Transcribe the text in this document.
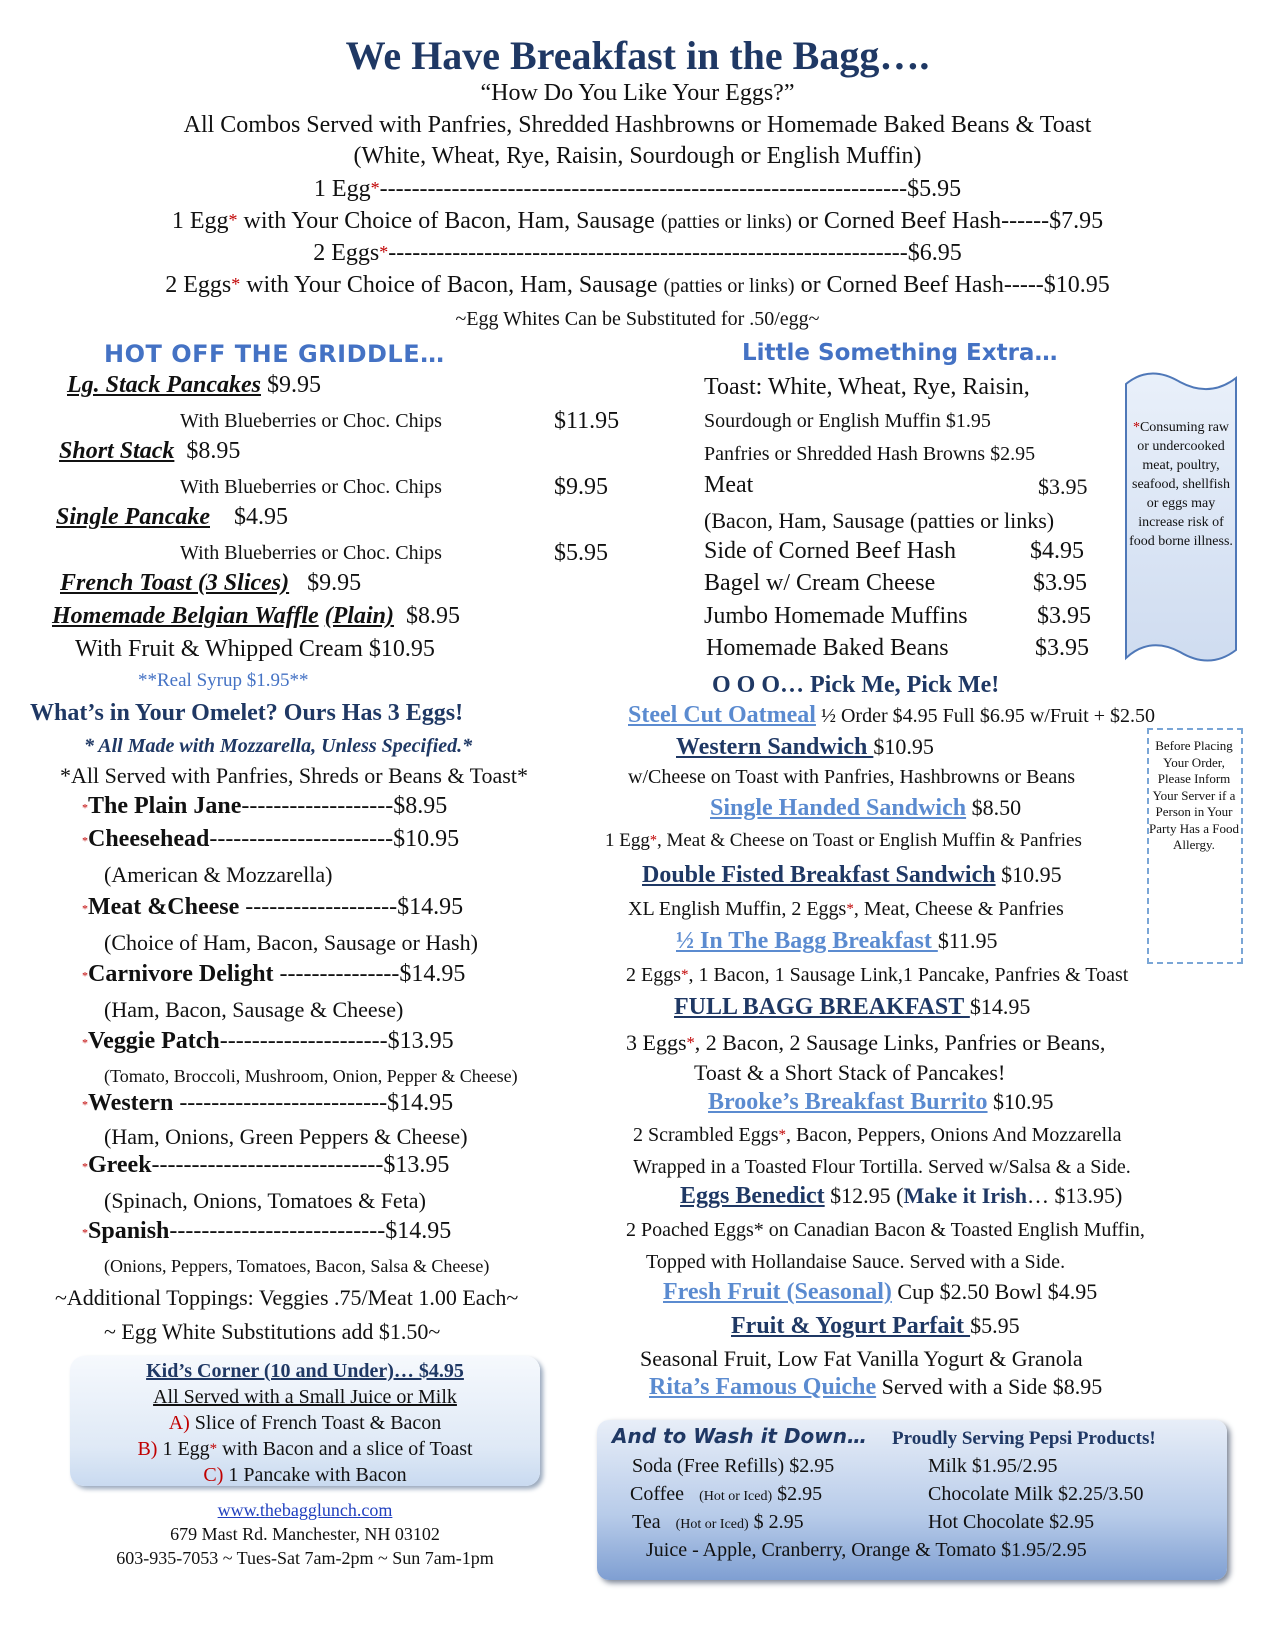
We Have Breakfast in the Bagg….
“How Do You Like Your Eggs?”
All Combos Served with Panfries, Shredded Hashbrowns or Homemade Baked Beans & Toast
(White, Wheat, Rye, Raisin, Sourdough or English Muffin)
1 Egg*------------------------------------------------------------------$5.95
1 Egg* with Your Choice of Bacon, Ham, Sausage (patties or links) or Corned Beef Hash------$7.95
2 Eggs*-----------------------------------------------------------------$6.95
2 Eggs* with Your Choice of Bacon, Ham, Sausage (patties or links) or Corned Beef Hash-----$10.95
~Egg Whites Can be Substituted for .50/egg~
HOT OFF THE GRIDDLE…
Lg. Stack Pancakes $9.95
With Blueberries or Choc. Chips	$11.95
Short Stack $8.95
With Blueberries or Choc. Chips	$9.95
Single Pancake $4.95
With Blueberries or Choc. Chips	$5.95
French Toast (3 Slices) $9.95
Homemade Belgian Waffle (Plain) $8.95
With Fruit & Whipped Cream $10.95
**Real Syrup $1.95**
What’s in Your Omelet? Ours Has 3 Eggs!
* All Made with Mozzarella, Unless Specified.*
*All Served with Panfries, Shreds or Beans & Toast*
*The Plain Jane-------------------$8.95
*Cheesehead-----------------------$10.95
(American & Mozzarella)
*Meat &Cheese -------------------$14.95
(Choice of Ham, Bacon, Sausage or Hash)
*Carnivore Delight ---------------$14.95
(Ham, Bacon, Sausage & Cheese)
*Veggie Patch---------------------$13.95
(Tomato, Broccoli, Mushroom, Onion, Pepper & Cheese)
*Western --------------------------$14.95
(Ham, Onions, Green Peppers & Cheese)
*Greek-----------------------------$13.95
(Spinach, Onions, Tomatoes & Feta)
*Spanish---------------------------$14.95
(Onions, Peppers, Tomatoes, Bacon, Salsa & Cheese)
~Additional Toppings: Veggies .75/Meat 1.00 Each~
~ Egg White Substitutions add $1.50~
Kid’s Corner (10 and Under)… $4.95
All Served with a Small Juice or Milk
A) Slice of French Toast & Bacon
B) 1 Egg* with Bacon and a slice of Toast
C) 1 Pancake with Bacon
www.thebagglunch.com
679 Mast Rd. Manchester, NH 03102
603-935-7053 ~ Tues-Sat 7am-2pm ~ Sun 7am-1pm
Little Something Extra…
Toast: White, Wheat, Rye, Raisin,
Sourdough or English Muffin $1.95
Panfries or Shredded Hash Browns $2.95
Meat	$3.95
(Bacon, Ham, Sausage (patties or links)
Side of Corned Beef Hash	$4.95
Bagel w/ Cream Cheese	$3.95
Jumbo Homemade Muffins	$3.95
Homemade Baked Beans	$3.95
*Consuming raw or undercooked meat, poultry, seafood, shellfish or eggs may increase risk of food borne illness.
O O O… Pick Me, Pick Me!
Steel Cut Oatmeal ½ Order $4.95 Full $6.95 w/Fruit + $2.50
Before Placing Your Order, Please Inform Your Server if a Person in Your Party Has a Food Allergy.
Western Sandwich $10.95
w/Cheese on Toast with Panfries, Hashbrowns or Beans
Single Handed Sandwich $8.50
1 Egg*, Meat & Cheese on Toast or English Muffin & Panfries
Double Fisted Breakfast Sandwich $10.95
XL English Muffin, 2 Eggs*, Meat, Cheese & Panfries
½ In The Bagg Breakfast $11.95
2 Eggs*, 1 Bacon, 1 Sausage Link,1 Pancake, Panfries & Toast
FULL BAGG BREAKFAST $14.95
3 Eggs*, 2 Bacon, 2 Sausage Links, Panfries or Beans,
Toast & a Short Stack of Pancakes!
Brooke’s Breakfast Burrito $10.95
2 Scrambled Eggs*, Bacon, Peppers, Onions And Mozzarella
Wrapped in a Toasted Flour Tortilla. Served w/Salsa & a Side.
Eggs Benedict $12.95 (Make it Irish… $13.95)
2 Poached Eggs* on Canadian Bacon & Toasted English Muffin,
Topped with Hollandaise Sauce. Served with a Side.
Fresh Fruit (Seasonal) Cup $2.50 Bowl $4.95
Fruit & Yogurt Parfait $5.95
Seasonal Fruit, Low Fat Vanilla Yogurt & Granola
Rita’s Famous Quiche Served with a Side $8.95
And to Wash it Down… Proudly Serving Pepsi Products!
Soda (Free Refills) $2.95
Coffee (Hot or Iced) $2.95
Tea (Hot or Iced) $ 2.95
Milk $1.95/2.95
Chocolate Milk $2.25/3.50
Hot Chocolate $2.95
Juice - Apple, Cranberry, Orange & Tomato $1.95/2.95
